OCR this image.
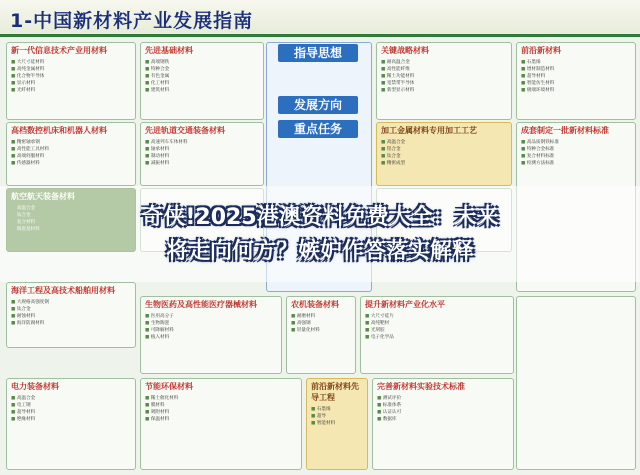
1-中国新材料产业发展指南
新一代信息技术产业用材料
■ 大尺寸硅材料
■ 高纯金属材料
■ 化合物半导体
■ 显示材料
■ 光纤材料
先进基础材料
■ 高端钢铁
■ 特种合金
■ 有色金属
■ 化工材料
■ 建筑材料
关键战略材料
■ 耐高温合金
■ 高性能纤维
■ 稀土功能材料
■ 宽禁带半导体
■ 新型显示材料
前沿新材料
■ 石墨烯
■ 增材制造材料
■ 超导材料
■ 智能仿生材料
■ 极端环境材料
指导思想
发展方向
重点任务
高档数控机床和机器人材料
■ 精密轴承钢
■ 高性能工具材料
■ 高端伺服材料
■ 传感器材料
先进轨道交通装备材料
■ 高速列车车体材料
■ 轴承材料
■ 制动材料
■ 减振材料
加工金属材料专用加工工艺
■ 高温合金
■ 铝合金
■ 钛合金
■ 精密成型
成套制定一批新材料标准
■ 高品质钢铁标准
■ 特种合金标准
■ 复合材料标准
■ 检测方法标准
■
■
■
■
海洋工程及高技术船舶用材料
■ 大规格高强度钢
■ 钛合金
■ 耐蚀材料
■ 海洋防腐材料
生物医药及高性能医疗器械材料
■ 医用高分子
■ 生物陶瓷
■ 可降解材料
■ 植入材料
农机装备材料
■ 耐磨材料
■ 高强钢
■ 轻量化材料
提升新材料产业化水平
■ 大尺寸硅片
■ 高纯靶材
■ 光刻胶
■ 电子化学品
电力装备材料
■ 高温合金
■ 电工钢
■ 超导材料
■ 绝缘材料
节能环保材料
■ 稀土催化材料
■ 膜材料
■ 吸附材料
■ 保温材料
前沿新材料先导工程
■ 石墨烯
■ 超导
■ 智能材料
完善新材料实验技术标准
■ 测试评价
■ 标准体系
■ 认证认可
■ 数据库
奇侠!2025港澳资料免费大全：未来
将走向何方？嫉妒作答落实解释
